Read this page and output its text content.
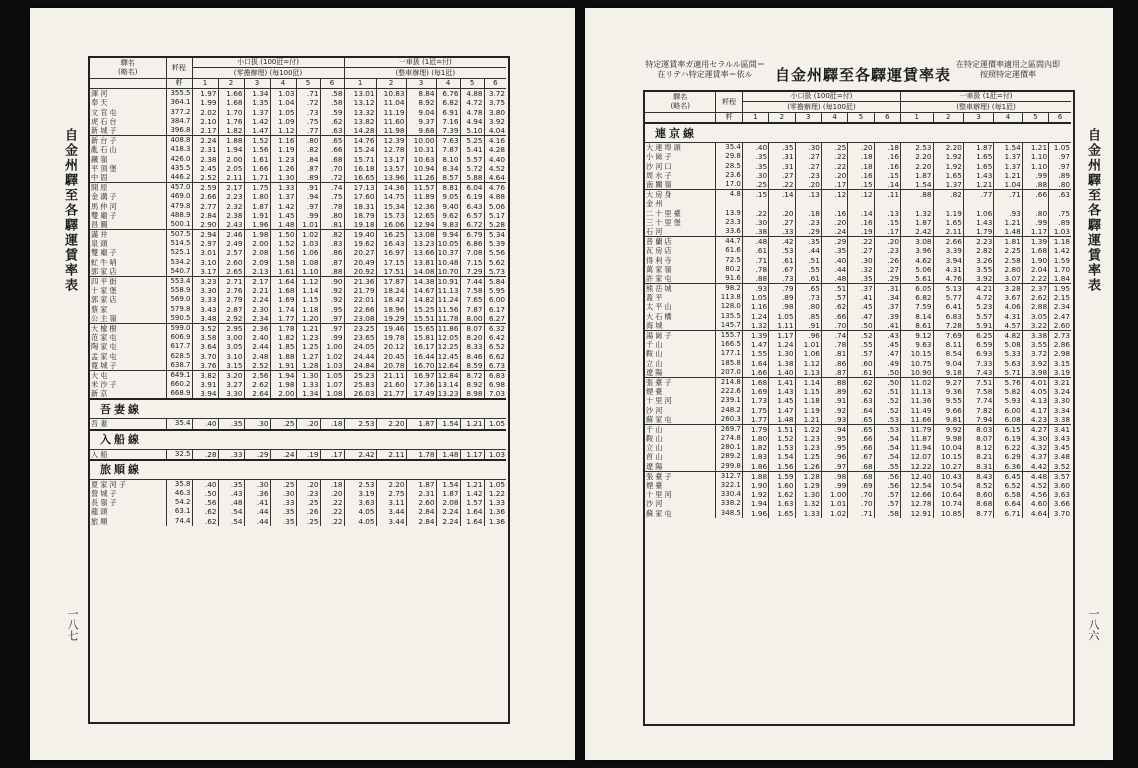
自金州驛至各驛運賃率表
一八七
驛名
(略名)	粁程	小口扱 (100瓩=付)						一車扱 (1瓩=付)					
		(零擔辦理) (毎100瓩)						(整車辦理) (毎1瓩)					
	粁	1	2	3	4	5	6	1	2	3	4	5	6
渾河	355.5	1.97	1.66	1.34	1.03	.71	.58	13.01	10.83	8.84	6.76	4.88	3.72
奉天	364.1	1.99	1.68	1.35	1.04	.72	.58	13.12	11.04	8.92	6.82	4.72	3.75
文官屯	377.2	2.02	1.70	1.37	1.05	.73	.59	13.32	11.19	9.04	6.91	4.78	3.80
虎石台	384.7	2.10	1.76	1.42	1.09	.75	.62	13.82	11.60	9.37	7.16	4.94	3.92
新城子	396.8	2.17	1.82	1.47	1.12	.77	.63	14.28	11.98	9.68	7.39	5.10	4.04
新台子	408.8	2.24	1.88	1.52	1.16	.80	.65	14.76	12.39	10.00	7.63	5.25	4.16
亂石山	418.3	2.31	1.94	1.56	1.19	.82	.66	15.24	12.78	10.31	7.87	5.41	4.28
鐵嶺	426.0	2.38	2.00	1.61	1.23	.84	.68	15.71	13.17	10.63	8.10	5.57	4.40
平頂堡	435.5	2.45	2.05	1.66	1.26	.87	.70	16.18	13.57	10.94	8.34	5.72	4.52
中固	446.2	2.52	2.11	1.71	1.30	.89	.72	16.65	13.96	11.26	8.57	5.88	4.64
開原	457.0	2.59	2.17	1.75	1.33	.91	.74	17.13	14.36	11.57	8.81	6.04	4.76
金溝子	469.0	2.66	2.23	1.80	1.37	.94	.75	17.60	14.75	11.89	9.05	6.19	4.88
馬仲河	479.8	2.77	2.32	1.87	1.42	.97	.78	18.31	15.34	12.36	9.40	6.43	5.06
雙廟子	488.9	2.84	2.38	1.91	1.45	.99	.80	18.79	15.73	12.65	9.62	6.57	5.17
昌圖	500.1	2.90	2.43	1.96	1.48	1.01	.81	19.18	16.06	12.94	9.83	6.72	5.28
滿井	507.5	2.94	2.46	1.98	1.50	1.02	.82	19.40	16.25	13.08	9.94	6.79	5.34
泉頭	514.5	2.97	2.49	2.00	1.52	1.03	.83	19.62	16.43	13.23	10.05	6.86	5.39
雙廟子	525.1	3.01	2.57	2.08	1.56	1.06	.86	20.27	16.97	13.66	10.37	7.08	5.56
虻牛哨	534.2	3.10	2.60	2.09	1.58	1.08	.87	20.49	17.15	13.81	10.48	7.15	5.62
郭家店	540.7	3.17	2.65	2.13	1.61	1.10	.88	20.92	17.51	14.08	10.70	7.29	5.73
四平街	553.4	3.23	2.71	2.17	1.64	1.12	.90	21.36	17.87	14.38	10.91	7.44	5.84
十家堡	558.9	3.30	2.76	2.21	1.68	1.14	.92	21.79	18.24	14.67	11.13	7.58	5.95
郭家店	569.0	3.33	2.79	2.24	1.69	1.15	.92	22.01	18.42	14.82	11.24	7.65	6.00
蔡家	579.8	3.43	2.87	2.30	1.74	1.18	.95	22.66	18.96	15.25	11.56	7.87	6.17
公主嶺	590.5	3.48	2.92	2.34	1.77	1.20	.97	23.08	19.29	15.51	11.78	8.00	6.27
大楡樹	599.0	3.52	2.95	2.36	1.78	1.21	.97	23.25	19.46	15.65	11.86	8.07	6.32
范家屯	606.9	3.58	3.00	2.40	1.82	1.23	.99	23.65	19.78	15.81	12.05	8.20	6.42
陶家屯	617.7	3.64	3.05	2.44	1.85	1.25	1.00	24.05	20.12	16.17	12.25	8.33	6.52
孟家屯	628.5	3.70	3.10	2.48	1.88	1.27	1.02	24.44	20.45	16.44	12.45	8.46	6.62
寛城子	638.7	3.76	3.15	2.52	1.91	1.28	1.03	24.84	20.78	16.70	12.64	8.59	6.73
大屯	649.1	3.82	3.20	2.56	1.94	1.30	1.05	25.23	21.11	16.97	12.84	8.72	6.83
米沙子	660.2	3.91	3.27	2.62	1.98	1.33	1.07	25.83	21.60	17.36	13.14	8.92	6.98
新京	668.9	3.94	3.30	2.64	2.00	1.34	1.08	26.03	21.77	17.49	13.23	8.98	7.03
吾妻線													
吾妻	35.4	.40	.35	.30	.25	.20	.18	2.53	2.20	1.87	1.54	1.21	1.05
入船線													
入船	32.5	.28	.33	.29	.24	.19	.17	2.42	2.11	1.78	1.48	1.17	1.03
旅順線													
夏家河子	35.8	.40	.35	.30	.25	.20	.18	2.53	2.20	1.87	1.54	1.21	1.05
營城子	46.3	.50	.43	.36	.30	.23	.20	3.19	2.75	2.31	1.87	1.42	1.22
長嶺子	54.2	.56	.48	.41	.33	.25	.22	3.63	3.11	2.60	2.08	1.57	1.33
龍頭	63.1	.62	.54	.44	.35	.26	.22	4.05	3.44	2.84	2.24	1.64	1.36
旅順	74.4	.62	.54	.44	.35	.25	.22	4.05	3.44	2.84	2.24	1.64	1.36
特定運賃率ガ適用セラルル區間＝在リテハ特定運賃率＝依ル	自金州驛至各驛運賃率表
在特定運價率適用之區間內即按照特定運價率
自金州驛至各驛運賃率表
一八六
驛名
(略名)	粁程	小口扱 (100瓩=付)						一車扱 (1瓩=付)					
		(零擔辦理) (毎100瓩)						(整車辦理) (毎1瓩)					
	粁	1	2	3	4	5	6	1	2	3	4	5	6
連京線													
大連埠頭	35.4	.40	.35	.30	.25	.20	.18	2.53	2.20	1.87	1.54	1.21	1.05
小崗子	29.8	.35	.31	.27	.22	.18	.16	2.20	1.92	1.65	1.37	1.10	.97
沙河口	28.5	.35	.31	.27	.22	.18	.16	2.20	1.92	1.65	1.37	1.10	.97
周水子	23.6	.30	.27	.23	.20	.16	.15	1.87	1.65	1.43	1.21	.99	.89
南關嶺	17.0	.25	.22	.20	.17	.15	.14	1.54	1.37	1.21	1.04	.88	.80
大房身	4.8	.15	.14	.13	.12	.12	.11	.88	.82	.77	.71	.66	.63
金州													
二十里臺	13.9	.22	.20	.18	.16	.14	.13	1.32	1.19	1.06	.93	.80	.75
三十里堡	23.3	.30	.27	.23	.20	.16	.15	1.87	1.65	1.43	1.21	.99	.89
石河	33.6	.38	.33	.29	.24	.19	.17	2.42	2.11	1.79	1.48	1.17	1.03
普蘭店	44.7	.48	.42	.35	.29	.22	.20	3.08	2.66	2.23	1.81	1.39	1.18
瓦房店	61.6	.61	.53	.44	.35	.27	.23	3.96	3.39	2.82	2.25	1.68	1.42
得利寺	72.5	.71	.61	.51	.40	.30	.26	4.62	3.94	3.26	2.58	1.90	1.59
萬家嶺	80.2	.78	.67	.55	.44	.32	.27	5.06	4.31	3.55	2.80	2.04	1.70
許家屯	91.6	.88	.73	.61	.48	.35	.29	5.61	4.76	3.92	3.07	2.22	1.84
熊岳城	98.2	.93	.79	.65	.51	.37	.31	6.05	5.13	4.21	3.28	2.37	1.95
蓋平	113.8	1.05	.89	.73	.57	.41	.34	6.82	5.77	4.72	3.67	2.62	2.15
太平山	128.0	1.16	.98	.80	.62	.45	.37	7.59	6.41	5.23	4.06	2.88	2.34
大石橋	135.5	1.24	1.05	.85	.66	.47	.39	8.14	6.83	5.57	4.31	3.05	2.47
海城	145.7	1.32	1.11	.91	.70	.50	.41	8.61	7.28	5.91	4.57	3.22	2.60
湯崗子	155.7	1.39	1.17	.96	.74	.52	.43	9.12	7.69	6.25	4.82	3.38	2.73
千山	166.5	1.47	1.24	1.01	.78	.55	.45	9.63	8.11	6.59	5.08	3.55	2.86
鞍山	177.1	1.55	1.30	1.06	.81	.57	.47	10.15	8.54	6.93	5.33	3.72	2.98
立山	185.8	1.64	1.38	1.12	.86	.60	.49	10.75	9.04	7.33	5.63	3.92	3.15
遼陽	207.0	1.66	1.40	1.13	.87	.61	.50	10.90	9.18	7.43	5.71	3.98	3.19
張臺子	214.8	1.68	1.41	1.14	.88	.62	.50	11.02	9.27	7.51	5.76	4.01	3.21
煙臺	222.6	1.69	1.43	1.15	.89	.62	.51	11.13	9.36	7.58	5.82	4.05	3.24
十里河	239.1	1.73	1.45	1.18	.91	.63	.52	11.36	9.55	7.74	5.93	4.13	3.30
沙河	248.2	1.75	1.47	1.19	.92	.64	.52	11.49	9.66	7.82	6.00	4.17	3.34
蘇家屯	260.3	1.77	1.48	1.21	.93	.65	.53	11.66	9.81	7.94	6.08	4.23	3.38
千山	269.7	1.79	1.51	1.22	.94	.65	.53	11.79	9.92	8.03	6.15	4.27	3.41
鞍山	274.8	1.80	1.52	1.23	.95	.66	.54	11.87	9.98	8.07	6.19	4.30	3.43
立山	280.1	1.82	1.53	1.23	.95	.66	.54	11.94	10.04	8.12	6.22	4.32	3.45
首山	289.2	1.83	1.54	1.25	.96	.67	.54	12.07	10.15	8.21	6.29	4.37	3.48
遼陽	299.8	1.86	1.56	1.26	.97	.68	.55	12.22	10.27	8.31	6.36	4.42	3.52
張臺子	312.7	1.88	1.59	1.28	.98	.68	.56	12.40	10.43	8.43	6.45	4.48	3.57
煙臺	322.1	1.90	1.60	1.29	.99	.69	.56	12.54	10.54	8.52	6.52	4.52	3.60
十里河	330.4	1.92	1.62	1.30	1.00	.70	.57	12.66	10.64	8.60	6.58	4.56	3.63
沙河	338.2	1.94	1.63	1.32	1.01	.70	.57	12.78	10.74	8.68	6.64	4.60	3.66
蘇家屯	348.5	1.96	1.65	1.33	1.02	.71	.58	12.91	10.85	8.77	6.71	4.64	3.70
